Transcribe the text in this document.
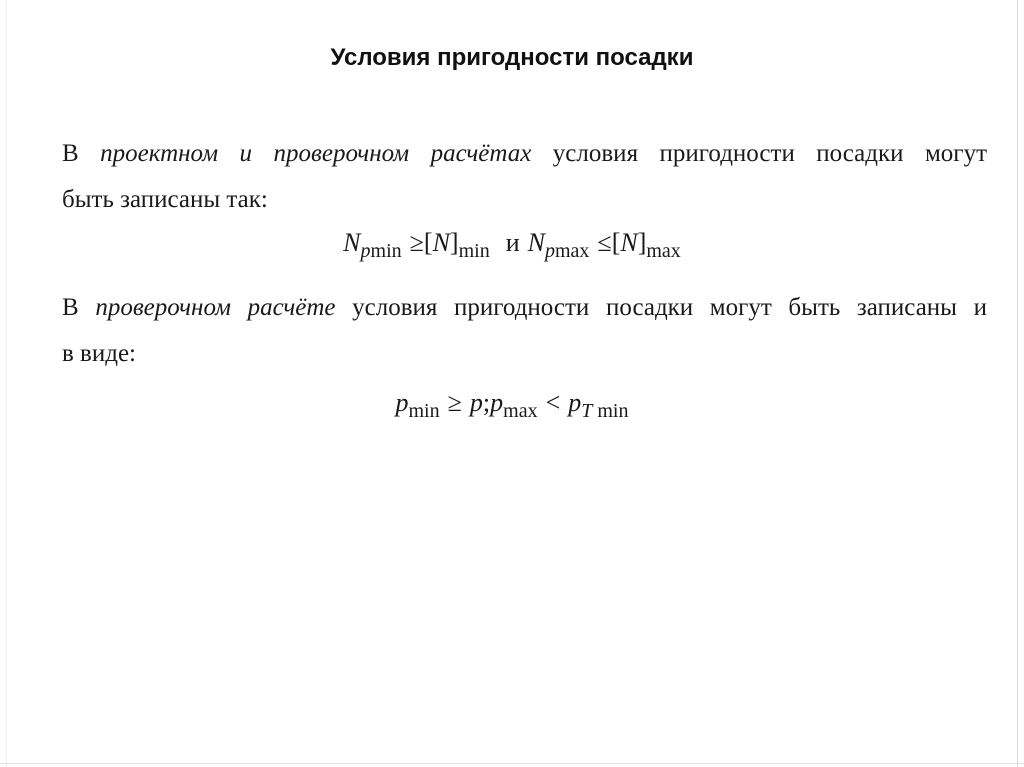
Условия пригодности посадки
В проектном и проверочном расчётах условия пригодности посадки могут
быть записаны так:
$N_{pmin} \ge[N]_{min}$ и $N_{pmax} \le[N]_{max}$
В проверочном расчёте условия пригодности посадки могут быть записаны и
в виде:
$p_{min}$ ≥ $p;p_{max} < p_{T min}$
